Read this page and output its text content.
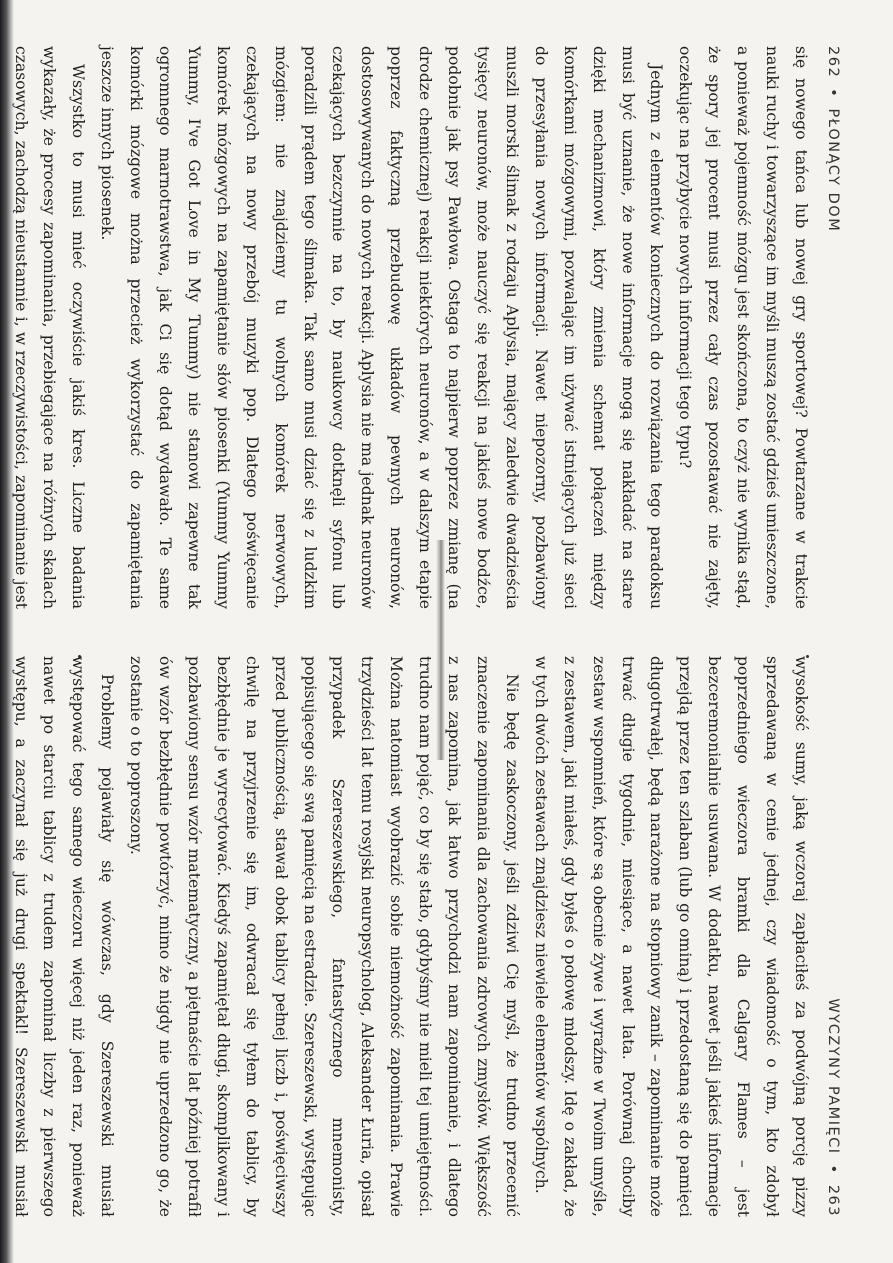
262 • PŁONĄCY DOM

się nowego tańca lub nowej gry sportowej? Powtarzane w trakcie nauki ruchy i towarzyszące im myśli muszą zostać gdzieś umieszczone, a ponieważ pojemność mózgu jest skończona, to czyż nie wynika stąd, że spory jej procent musi przez cały czas pozostawać nie zajęty, oczekując na przybycie nowych informacji tego typu?

Jednym z elementów koniecznych do rozwiązania tego paradoksu musi być uznanie, że nowe informacje mogą się nakładać na stare dzięki mechanizmowi, który zmienia schemat połączeń między komórkami mózgowymi, pozwalając im używać istniejących już sieci do przesyłania nowych informacji. Nawet niepozorny, pozbawiony muszli morski ślimak z rodzaju Aplysia, mający zaledwie dwadzieścia tysięcy neuronów, może nauczyć się reakcji na jakieś nowe bodźce, podobnie jak psy Pawłowa. Ostaga to najpierw poprzez zmianę (na drodze chemicznej) reakcji niektórych neuronów, a w dalszym etapie poprzez faktyczną przebudowę układów pewnych neuronów, dostosowywanych do nowych reakcji. Aplysia nie ma jednak neuronów czekających bezczynnie na to, by naukowcy dotknęli syfonu lub poradzili prądem tego ślimaka. Tak samo musi dziać się z ludzkim mózgiem: nie znajdziemy tu wolnych komórek nerwowych, czekających na nowy przebój muzyki pop. Dlatego poświęcanie komórek mózgowych na zapamiętanie słów piosenki (Yummy Yummy Yummy, I've Got Love in My Tummy) nie stanowi zapewne tak ogromnego marnotrawstwa, jak Ci się dotąd wydawało. Te same komórki mózgowe można przecież wykorzystać do zapamiętania jeszcze innych piosenek.

Wszystko to musi mieć oczywiście jakiś kres. Liczne badania wykazały, że procesy zapominania, przebiegające na różnych skalach czasowych, zachodzą nieustannie i, w rzeczywistości, zapominanie jest

WYCZYNY PAMIĘCI • 263

wysokość sumy, jaką wczoraj zapłaciłeś za podwójną porcję pizzy sprzedawaną w cenie jednej, czy wiadomość o tym, kto zdobył poprzedniego wieczora bramki dla Calgary Flames – jest bezceremonialnie usuwana. W dodatku, nawet jeśli jakieś informacje przejdą przez ten szlaban (lub go ominą) i przedostaną się do pamięci długotrwałej, będą narażone na stopniowy zanik – zapominanie może trwać długie tygodnie, miesiące, a nawet lata. Porównaj chociby zestaw wspomnień, które są obecnie żywe i wyraźne w Twoim umyśle, z zestawem, jaki miałeś, gdy byłeś o połowę młodszy. Idę o zakład, że w tych dwóch zestawach znajdziesz niewiele elementów wspólnych.

Nie będę zaskoczony, jeśli zdziwi Cię myśl, że trudno przecenić znaczenie zapominania dla zachowania zdrowych zmysłów. Większość z nas zapomina, jak łatwo przychodzi nam zapominanie, i dlatego trudno nam pojąć, co by się stało, gdybyśmy nie mieli tej umiejętności. Można natomiast wyobrazić sobie niemożność zapominania. Prawie trzydzieści lat temu rosyjski neuropsycholog, Aleksander Łuria, opisał przypadek Szereszewskiego, fantastycznego mnemonisty, popisującego się swą pamięcią na estradzie. Szereszewski, występując przed publicznością, stawał obok tablicy pełnej liczb i, poświęciwszy chwilę na przyjrzenie się im, odwracał się tyłem do tablicy, by bezbłędnie je wyrecytować. Kiedyś zapamiętał długi, skomplikowany i pozbawiony sensu wzór matematyczny, a piętnaście lat później potrafił ów wzór bezbłędnie powtórzyć, mimo że nigdy nie uprzedzono go, że zostanie o to poproszony.

Problemy pojawiały się wówczas, gdy Szereszewski musiał występować tego samego wieczoru więcej niż jeden raz, ponieważ nawet po starciu tablicy z trudem zapominał liczby z pierwszego występu, a zaczynał się już drugi spektakl! Szereszewski musiał
